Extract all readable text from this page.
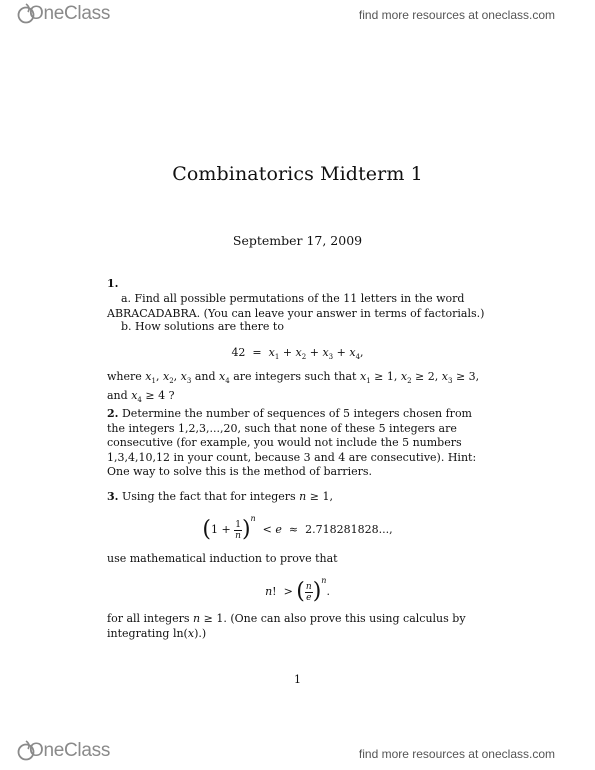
OneClass	find more resources at oneclass.com
Combinatorics Midterm 1
September 17, 2009
1.
a. Find all possible permutations of the 11 letters in the word ABRACADABRA. (You can leave your answer in terms of factorials.)
b. How solutions are there to
$42 = x_1 + x_2 + x_3 + x_4$,
where $x_1$, $x_2$, $x_3$ and $x_4$ are integers such that $x_1 \ge 1$, $x_2 \ge 2$, $x_3 \ge 3$, and $x_4 \ge 4$ ?
2. Determine the number of sequences of 5 integers chosen from the integers 1,2,3,...,20, such that none of these 5 integers are consecutive (for example, you would not include the 5 numbers 1,3,4,10,12 in your count, because 3 and 4 are consecutive). Hint: One way to solve this is the method of barriers.
3. Using the fact that for integers n ≥ 1,
$(1 + \frac{1}{n} )^n < e \approx 2.718281828$...,
use mathematical induction to prove that
n!  > ( $\frac{n}{e} )^n$.
for all integers n ≥ 1. (One can also prove this using calculus by integrating ln(x).)
1
OneClass	find more resources at oneclass.com
